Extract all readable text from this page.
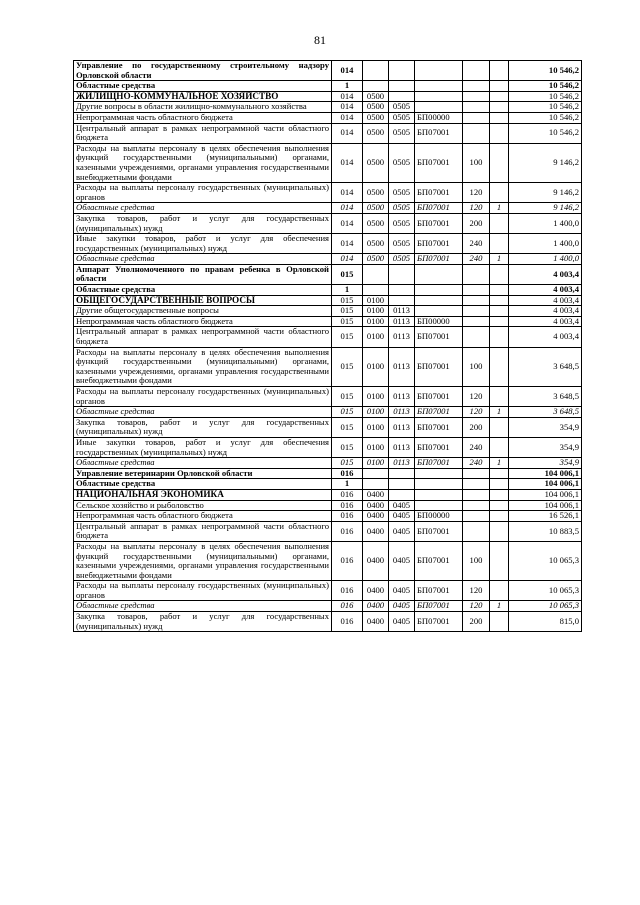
81
Управление по государственному строительному надзору Орловской области	014						10 546,2
Областные средства	1						10 546,2
ЖИЛИЩНО-КОММУНАЛЬНОЕ ХОЗЯЙСТВО	014	0500					10 546,2
Другие вопросы в области жилищно-коммунального хозяйства	014	0500	0505				10 546,2
Непрограммная часть областного бюджета	014	0500	0505	БП00000			10 546,2
Центральный аппарат в рамках непрограммной части областного бюджета	014	0500	0505	БП07001			10 546,2
Расходы на выплаты персоналу в целях обеспечения выполнения функций государственными (муниципальными) органами, казенными учреждениями, органами управления государственными внебюджетными фондами	014	0500	0505	БП07001	100		9 146,2
Расходы на выплаты персоналу государственных (муниципальных) органов	014	0500	0505	БП07001	120		9 146,2
Областные средства	014	0500	0505	БП07001	120	1	9 146,2
Закупка товаров, работ и услуг для государственных (муниципальных) нужд	014	0500	0505	БП07001	200		1 400,0
Иные закупки товаров, работ и услуг для обеспечения государственных (муниципальных) нужд	014	0500	0505	БП07001	240		1 400,0
Областные средства	014	0500	0505	БП07001	240	1	1 400,0
Аппарат Уполномоченного по правам ребенка в Орловской области	015						4 003,4
Областные средства	1						4 003,4
ОБЩЕГОСУДАРСТВЕННЫЕ ВОПРОСЫ	015	0100					4 003,4
Другие общегосударственные вопросы	015	0100	0113				4 003,4
Непрограммная часть областного бюджета	015	0100	0113	БП00000			4 003,4
Центральный аппарат в рамках непрограммной части областного бюджета	015	0100	0113	БП07001			4 003,4
Расходы на выплаты персоналу в целях обеспечения выполнения функций государственными (муниципальными) органами, казенными учреждениями, органами управления государственными внебюджетными фондами	015	0100	0113	БП07001	100		3 648,5
Расходы на выплаты персоналу государственных (муниципальных) органов	015	0100	0113	БП07001	120		3 648,5
Областные средства	015	0100	0113	БП07001	120	1	3 648,5
Закупка товаров, работ и услуг для государственных (муниципальных) нужд	015	0100	0113	БП07001	200		354,9
Иные закупки товаров, работ и услуг для обеспечения государственных (муниципальных) нужд	015	0100	0113	БП07001	240		354,9
Областные средства	015	0100	0113	БП07001	240	1	354,9
Управление ветеринарии Орловской области	016						104 006,1
Областные средства	1						104 006,1
НАЦИОНАЛЬНАЯ ЭКОНОМИКА	016	0400					104 006,1
Сельское хозяйство и рыболовство	016	0400	0405				104 006,1
Непрограммная часть областного бюджета	016	0400	0405	БП00000			16 526,1
Центральный аппарат в рамках непрограммной части областного бюджета	016	0400	0405	БП07001			10 883,5
Расходы на выплаты персоналу в целях обеспечения выполнения функций государственными (муниципальными) органами, казенными учреждениями, органами управления государственными внебюджетными фондами	016	0400	0405	БП07001	100		10 065,3
Расходы на выплаты персоналу государственных (муниципальных) органов	016	0400	0405	БП07001	120		10 065,3
Областные средства	016	0400	0405	БП07001	120	1	10 065,3
Закупка товаров, работ и услуг для государственных (муниципальных) нужд	016	0400	0405	БП07001	200		815,0
